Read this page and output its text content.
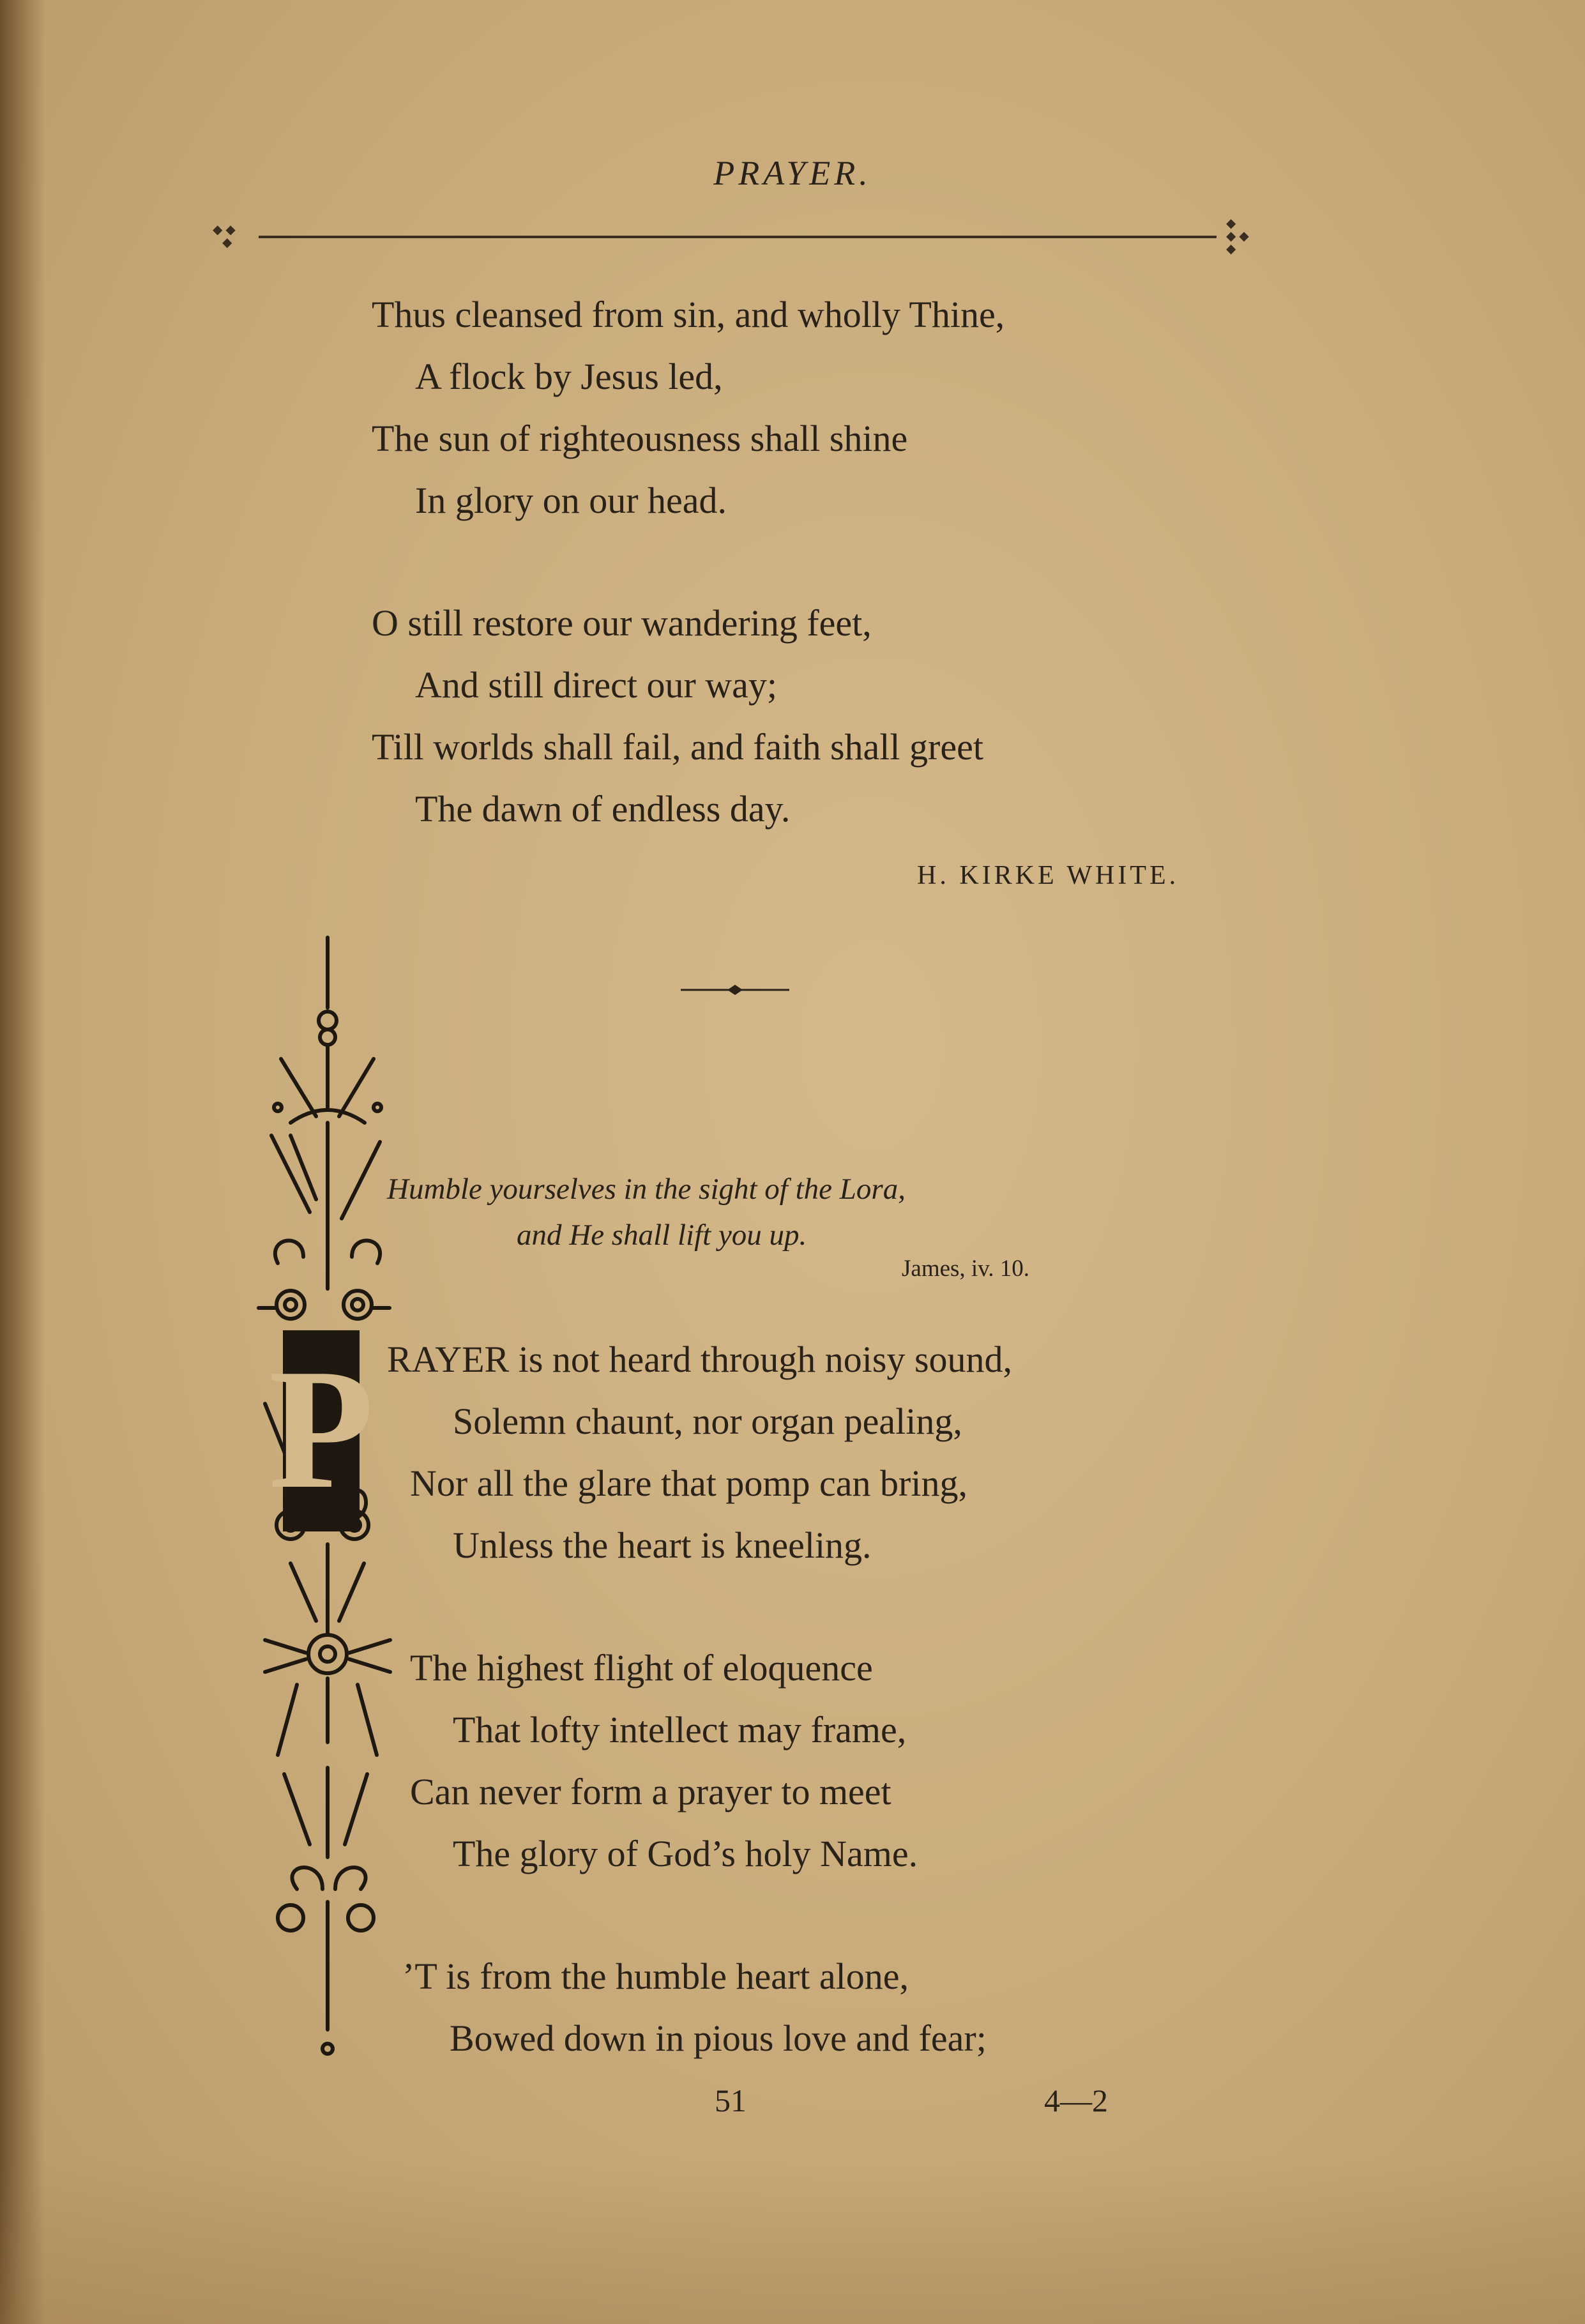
PRAYER.
◆ ◆
◆
◆
◆ ◆
◆
Thus cleansed from sin, and wholly Thine,
A flock by Jesus led,
The sun of righteousness shall shine
In glory on our head.
O still restore our wandering feet,
And still direct our way;
Till worlds shall fail, and faith shall greet
The dawn of endless day.
H. KIRKE WHITE.
P
Humble yourselves in the sight of the Lora,
and He shall lift you up.
James, iv. 10.
RAYER is not heard through noisy sound,
Solemn chaunt, nor organ pealing,
Nor all the glare that pomp can bring,
Unless the heart is kneeling.
The highest flight of eloquence
That lofty intellect may frame,
Can never form a prayer to meet
The glory of God’s holy Name.
’T is from the humble heart alone,
Bowed down in pious love and fear;
51	4—2
